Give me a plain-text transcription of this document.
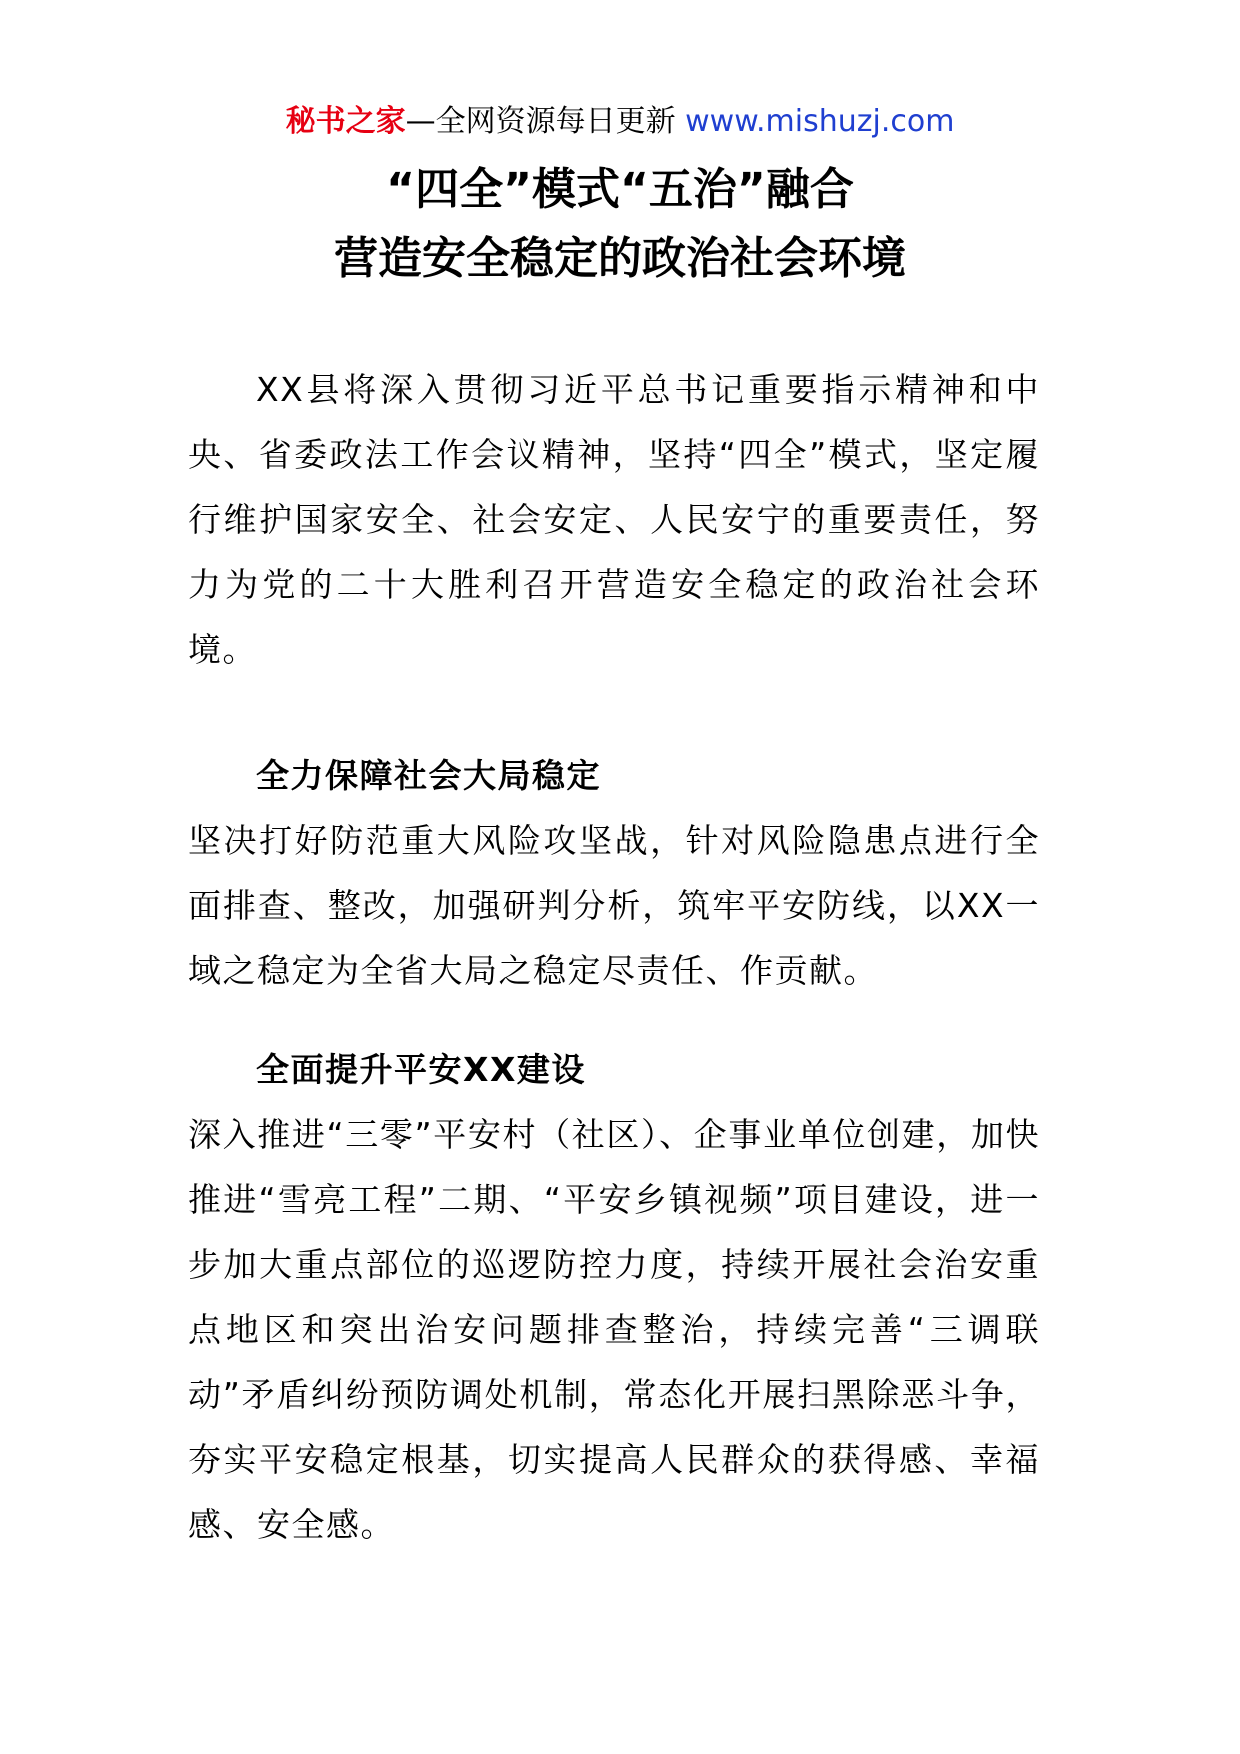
秘书之家—全网资源每日更新 www.mishuzj.com
“四全”模式“五治”融合
营造安全稳定的政治社会环境

XX县将深入贯彻习近平总书记重要指示精神和中央、省委政法工作会议精神，坚持“四全”模式，坚定履行维护国家安全、社会安定、人民安宁的重要责任，努力为党的二十大胜利召开营造安全稳定的政治社会环境。

全力保障社会大局稳定

坚决打好防范重大风险攻坚战，针对风险隐患点进行全面排查、整改，加强研判分析，筑牢平安防线，以XX一域之稳定为全省大局之稳定尽责任、作贡献。

全面提升平安XX建设

深入推进“三零”平安村（社区）、企事业单位创建，加快推进“雪亮工程”二期、“平安乡镇视频”项目建设，进一步加大重点部位的巡逻防控力度，持续开展社会治安重点地区和突出治安问题排查整治，持续完善“三调联动”矛盾纠纷预防调处机制，常态化开展扫黑除恶斗争，夯实平安稳定根基，切实提高人民群众的获得感、幸福感、安全感。
